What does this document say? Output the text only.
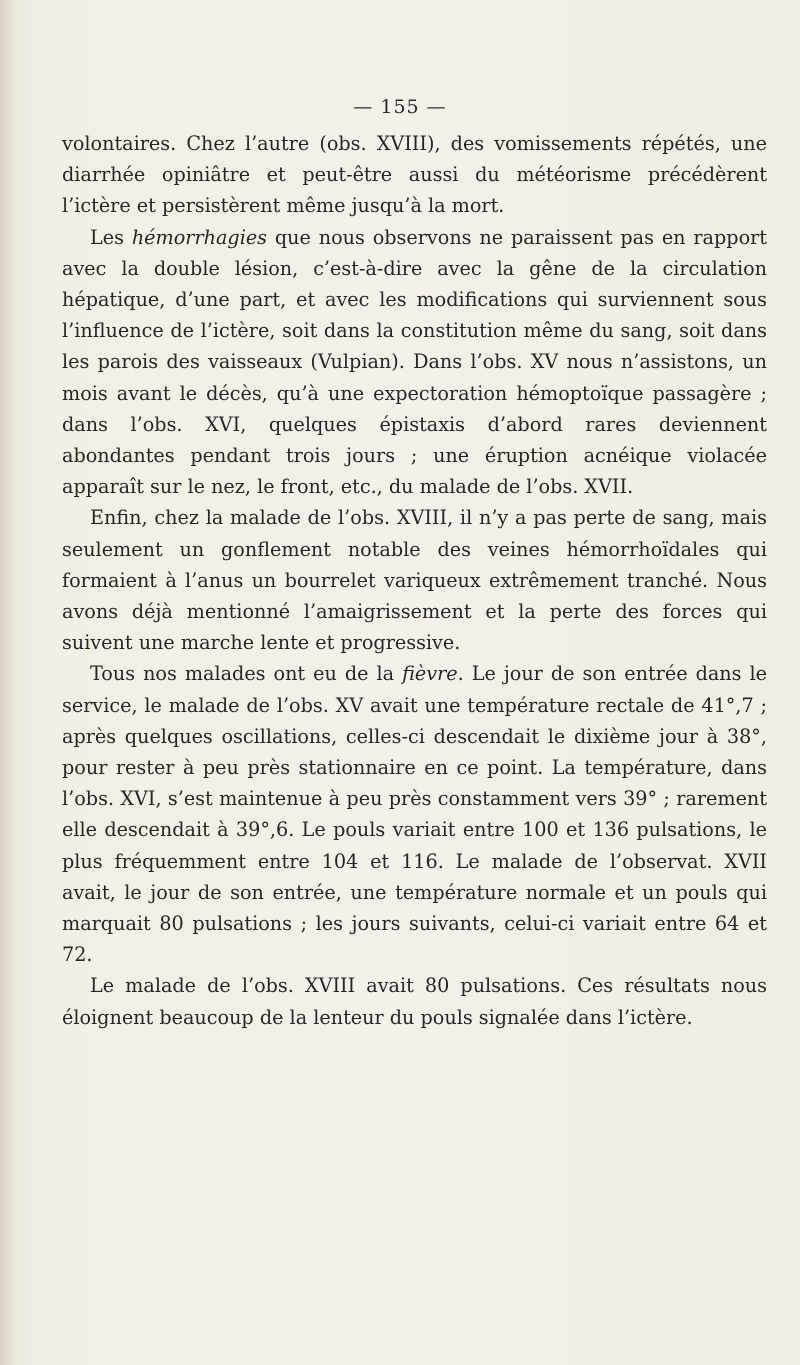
— 155 —

volontaires. Chez l’autre (obs. XVIII), des vomissements répétés, une diarrhée opiniâtre et peut-être aussi du météorisme précédèrent l’ictère et persistèrent même jusqu’à la mort.

Les hémorrhagies que nous observons ne paraissent pas en rapport avec la double lésion, c’est-à-dire avec la gêne de la circulation hépatique, d’une part, et avec les modifications qui surviennent sous l’influence de l’ictère, soit dans la constitution même du sang, soit dans les parois des vaisseaux (Vulpian). Dans l’obs. XV nous n’assistons, un mois avant le décès, qu’à une expectoration hémoptoïque passagère ; dans l’obs. XVI, quelques épistaxis d’abord rares deviennent abondantes pendant trois jours ; une éruption acnéique violacée apparaît sur le nez, le front, etc., du malade de l’obs. XVII.

Enfin, chez la malade de l’obs. XVIII, il n’y a pas perte de sang, mais seulement un gonflement notable des veines hémorrhoïdales qui formaient à l’anus un bourrelet variqueux extrêmement tranché. Nous avons déjà mentionné l’amaigrissement et la perte des forces qui suivent une marche lente et progressive.

Tous nos malades ont eu de la fièvre. Le jour de son entrée dans le service, le malade de l’obs. XV avait une température rectale de 41°,7 ; après quelques oscillations, celles-ci descendait le dixième jour à 38°, pour rester à peu près stationnaire en ce point. La température, dans l’obs. XVI, s’est maintenue à peu près constamment vers 39° ; rarement elle descendait à 39°,6. Le pouls variait entre 100 et 136 pulsations, le plus fréquemment entre 104 et 116. Le malade de l’observat. XVII avait, le jour de son entrée, une température normale et un pouls qui marquait 80 pulsations ; les jours suivants, celui-ci variait entre 64 et 72.

Le malade de l’obs. XVIII avait 80 pulsations. Ces résultats nous éloignent beaucoup de la lenteur du pouls signalée dans l’ictère.
